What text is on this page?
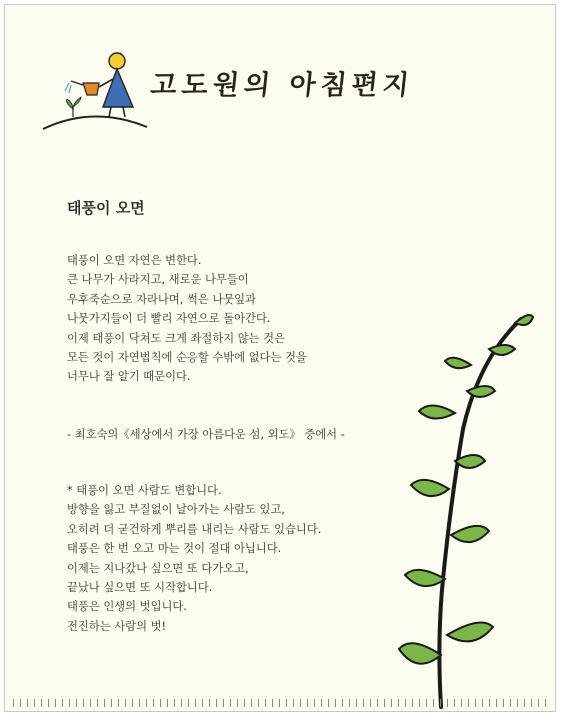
고도원의 아침편지
태풍이 오면
태풍이 오면 자연은 변한다.
큰 나무가 사라지고, 새로운 나무들이
우후죽순으로 자라나며, 썩은 나뭇잎과
나뭇가지들이 더 빨리 자연으로 돌아간다.
이제 태풍이 닥쳐도 크게 좌절하지 않는 것은
모든 것이 자연법칙에 순응할 수밖에 없다는 것을
너무나 잘 알기 때문이다.
- 최호숙의《세상에서 가장 아름다운 섬, 외도》 중에서 -
* 태풍이 오면 사람도 변합니다.
방향을 잃고 부질없이 날아가는 사람도 있고,
오히려 더 굳건하게 뿌리를 내리는 사람도 있습니다.
태풍은 한 번 오고 마는 것이 절대 아닙니다.
이제는 지나갔나 싶으면 또 다가오고,
끝났나 싶으면 또 시작합니다.
태풍은 인생의 벗입니다.
전진하는 사람의 벗!
